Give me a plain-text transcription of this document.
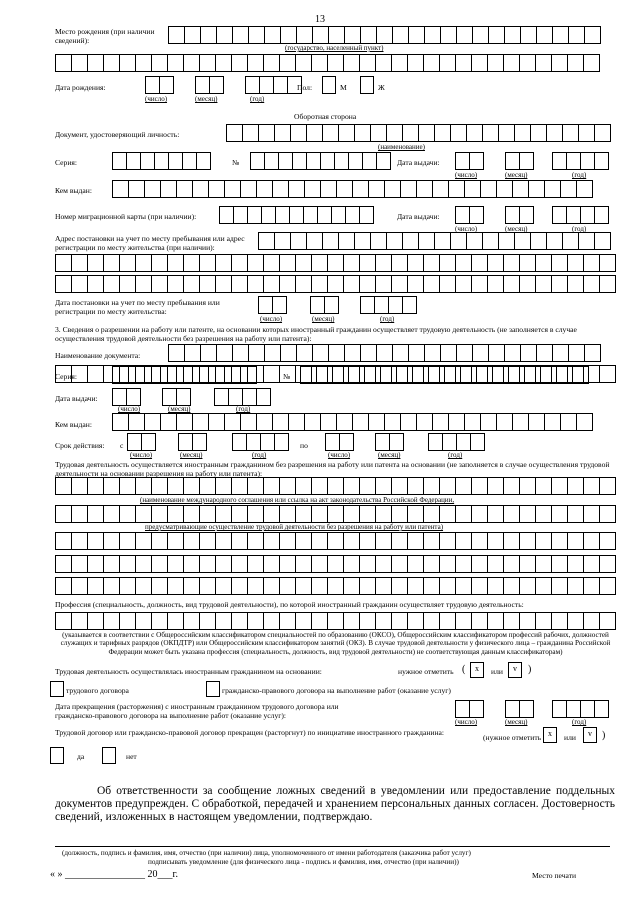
13
Место рождения (при наличии сведений):
(государство, населенный пункт)
Дата рождения:
(число)	(месяц)	(год)
Пол:	М	Ж
Оборотная сторона
Документ, удостоверяющий личность:
(наименование)
Серия:	№	Дата выдачи:
(число)	(месяц)	(год)
Кем выдан:
Номер миграционной карты (при наличии):	Дата выдачи:
(число)	(месяц)	(год)
Адрес постановки на учет по месту пребывания или адрес регистрации по месту жительства (при наличии):
Дата постановки на учет по месту пребывания или регистрации по месту жительства:
(число)	(месяц)	(год)
3. Сведения о разрешении на работу или патенте, на основании которых иностранный гражданин осуществляет трудовую деятельность (не заполняется в случае осуществления трудовой деятельности без разрешения на работу или патента):
Наименование документа:
Серия:	№
Дата выдачи:
(число)	(месяц)	(год)
Кем выдан:
Срок действия: с
(число)	(месяц)	(год)
по
(число)	(месяц)	(год)
Трудовая деятельность осуществляется иностранным гражданином без разрешения на работу или патента на основании (не заполняется в случае осуществления трудовой деятельности на основании разрешения на работу или патента):
(наименование международного соглашения или ссылка на акт законодательства Российской Федерации,
предусматривающие осуществление трудовой деятельности без разрешения на работу или патента)
Профессия (специальность, должность, вид трудовой деятельности), по которой иностранный гражданин осуществляет трудовую деятельность:
(указывается в соответствии с Общероссийским классификатором специальностей по образованию (ОКСО), Общероссийским классификатором профессий рабочих, должностей служащих и тарифных разрядов (ОКПДТР) или Общероссийским классификатором занятий (ОКЗ). В случае трудовой деятельности у физического лица – гражданина Российской Федерации может быть указана профессия (специальность, должность, вид трудовой деятельности) не соответствующая данным классификаторам)
Трудовая деятельность осуществлялась иностранным гражданином на основании:	нужное отметить ( x или v )
трудового договора	гражданско-правового договора на выполнение работ (оказание услуг)
Дата прекращения (расторжения) с иностранным гражданином трудового договора или гражданско-правового договора на выполнение работ (оказание услуг):
(число)	(месяц)	(год)
Трудовой договор или гражданско-правовой договор прекращен (расторгнут) по инициативе иностранного гражданина:
(нужное отметить x или v )
да	нет
Об ответственности за сообщение ложных сведений в уведомлении или предоставление поддельных документов предупрежден. С обработкой, передачей и хранением персональных данных согласен. Достоверность сведений, изложенных в настоящем уведомлении, подтверждаю.
(должность, подпись и фамилия, имя, отчество (при наличии) лица, уполномоченного от имени работодателя (заказчика работ услуг)
подписывать уведомление (для физического лица - подпись и фамилия, имя, отчество (при наличии))
« » ________________ 20___г.	Место печати
